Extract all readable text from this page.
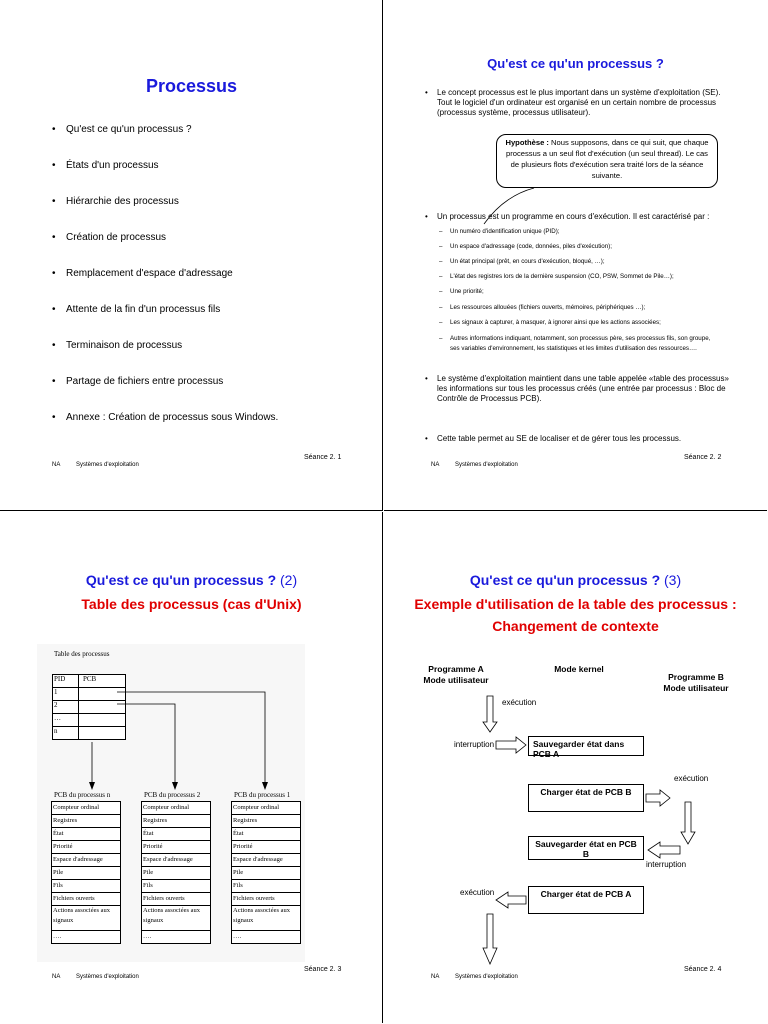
Processus
• Qu'est ce qu'un processus ?
• États d'un processus
• Hiérarchie des processus
• Création de processus
• Remplacement d'espace d'adressage
• Attente de la fin d'un processus fils
• Terminaison de processus
• Partage de fichiers entre processus
• Annexe : Création de processus sous Windows.
NA	Systèmes d'exploitation
Séance 2. 1
Qu'est ce qu'un processus ?
• Le concept processus est le plus important dans un système d'exploitation (SE). Tout le logiciel d'un ordinateur est organisé en un certain nombre de processus (processus système, processus utilisateur).
Hypothèse : Nous supposons, dans ce qui suit, que chaque processus a un seul flot d'exécution (un seul thread). Le cas de plusieurs flots d'exécution sera traité lors de la séance suivante.
• Un processus est un programme en cours d'exécution. Il est caractérisé par :
– Un numéro d'identification unique (PID);
– Un espace d'adressage (code, données, piles d'exécution);
– Un état principal (prêt, en cours d'exécution, bloqué, …);
– L'état des registres lors de la dernière suspension (CO, PSW, Sommet de Pile…);
– Une priorité;
– Les ressources allouées (fichiers ouverts, mémoires, périphériques …);
– Les signaux à capturer, à masquer, à ignorer ainsi que les actions associées;
– Autres informations indiquant, notamment, son processus père, ses processus fils, son groupe,
ses variables d'environnement, les statistiques et les limites d'utilisation des ressources….
• Le système d'exploitation maintient dans une table appelée «table des processus» les informations sur tous les processus créés (une entrée par processus : Bloc de Contrôle de Processus PCB).
• Cette table permet au SE de localiser et de gérer tous les processus.
NA	Systèmes d'exploitation
Séance 2. 2
Qu'est ce qu'un processus ? (2)
Table des processus (cas d'Unix)
Table des processus
PID	PCB
1
2
…
n
PCB du processus n	PCB du processus 2	PCB du processus 1
Compteur ordinal
Registres
État
Priorité
Espace d'adressage
Pile
Fils
Fichiers ouverts
Actions associées aux signaux
….
Compteur ordinal
Registres
État
Priorité
Espace d'adressage
Pile
Fils
Fichiers ouverts
Actions associées aux signaux
….
Compteur ordinal
Registres
État
Priorité
Espace d'adressage
Pile
Fils
Fichiers ouverts
Actions associées aux signaux
….
NA	Systèmes d'exploitation
Séance 2. 3
Qu'est ce qu'un processus ? (3)
Exemple d'utilisation de la table des processus :
Changement de contexte
Programme A
Mode utilisateur
Mode kernel
Programme B
Mode utilisateur
exécution
interruption
exécution
interruption
exécution
Sauvegarder état dans PCB A
Charger état de PCB B
Sauvegarder état en PCB B
Charger état de PCB A
NA	Systèmes d'exploitation
Séance 2. 4
